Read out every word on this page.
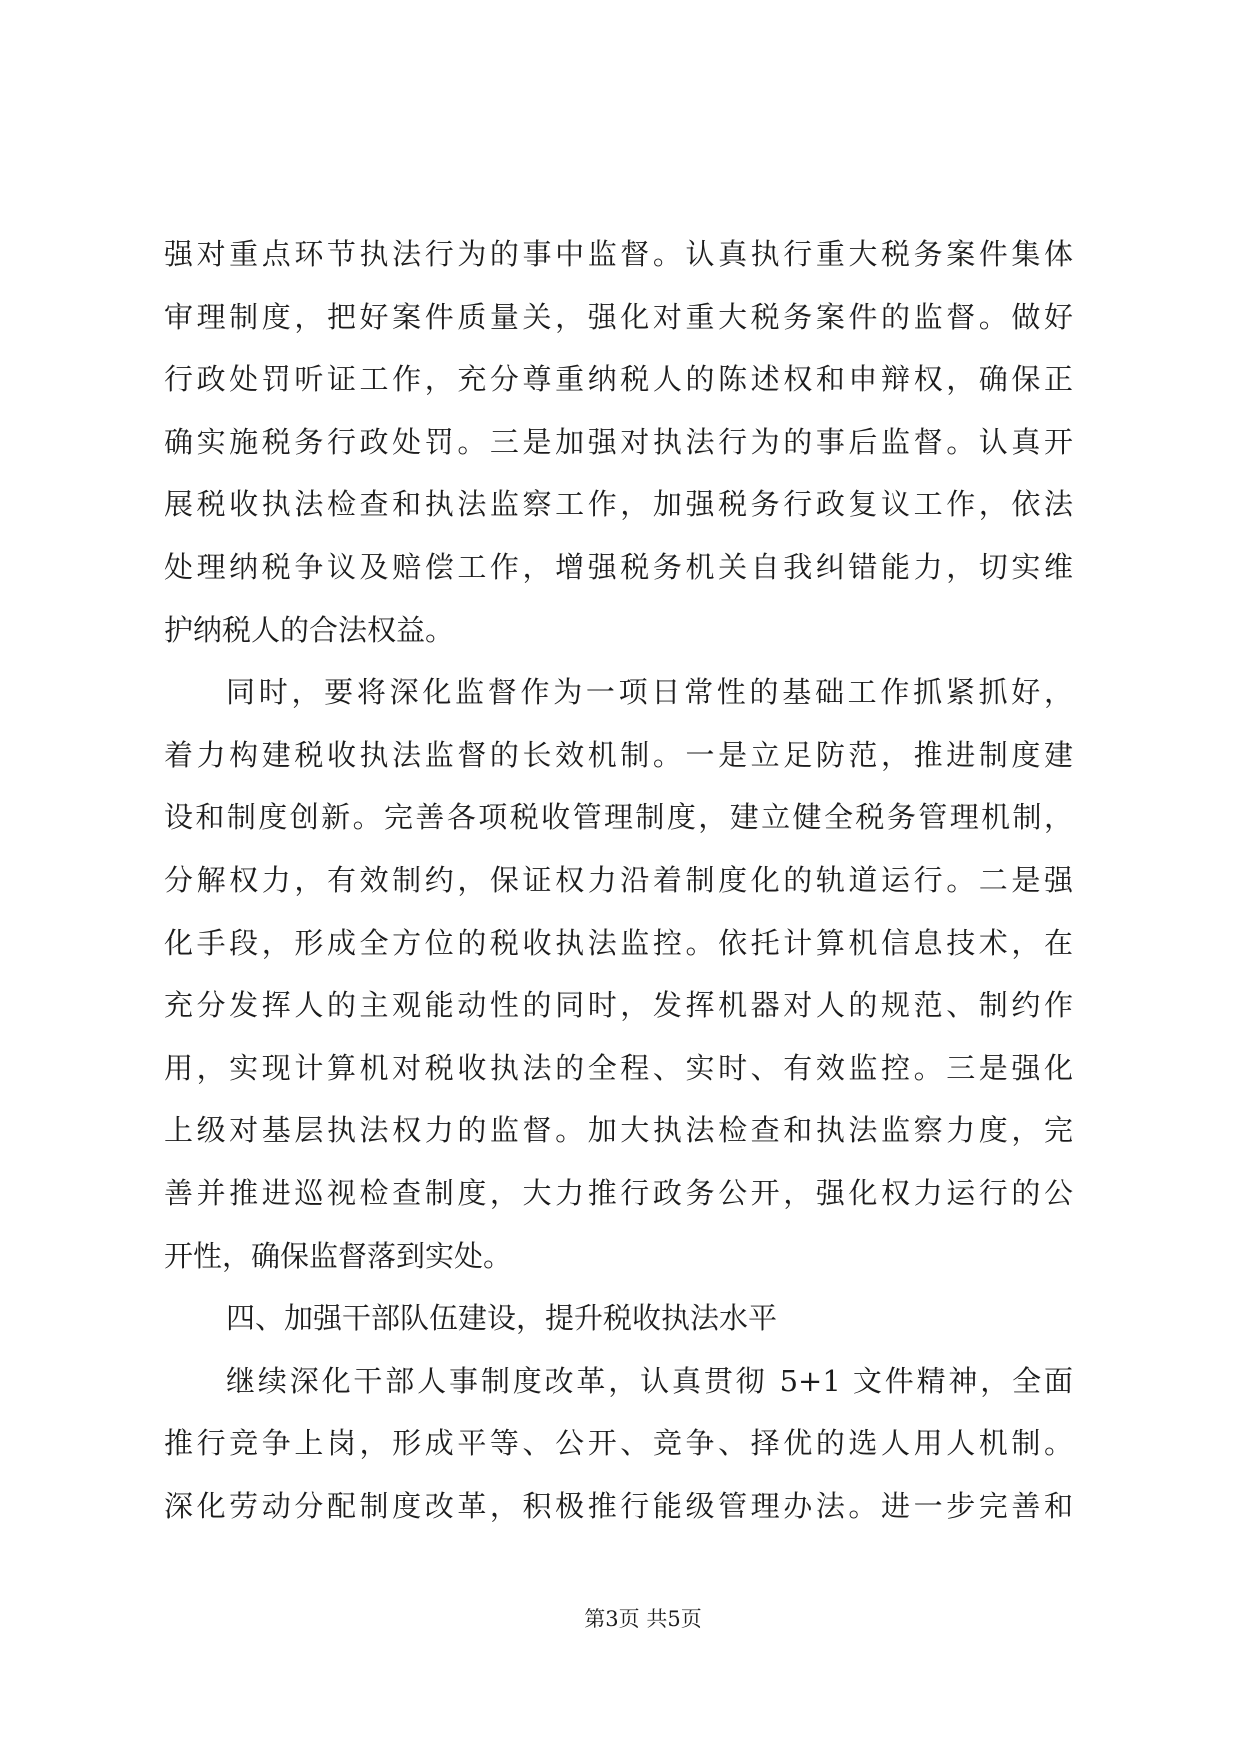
强对重点环节执法行为的事中监督。认真执行重大税务案件集体
审理制度，把好案件质量关，强化对重大税务案件的监督。做好
行政处罚听证工作，充分尊重纳税人的陈述权和申辩权，确保正
确实施税务行政处罚。三是加强对执法行为的事后监督。认真开
展税收执法检查和执法监察工作，加强税务行政复议工作，依法
处理纳税争议及赔偿工作，增强税务机关自我纠错能力，切实维
护纳税人的合法权益。
同时，要将深化监督作为一项日常性的基础工作抓紧抓好，
着力构建税收执法监督的长效机制。一是立足防范，推进制度建
设和制度创新。完善各项税收管理制度，建立健全税务管理机制，
分解权力，有效制约，保证权力沿着制度化的轨道运行。二是强
化手段，形成全方位的税收执法监控。依托计算机信息技术，在
充分发挥人的主观能动性的同时，发挥机器对人的规范、制约作
用，实现计算机对税收执法的全程、实时、有效监控。三是强化
上级对基层执法权力的监督。加大执法检查和执法监察力度，完
善并推进巡视检查制度，大力推行政务公开，强化权力运行的公
开性，确保监督落到实处。
四、加强干部队伍建设，提升税收执法水平
继续深化干部人事制度改革，认真贯彻 5+1 文件精神，全面
推行竞争上岗，形成平等、公开、竞争、择优的选人用人机制。
深化劳动分配制度改革，积极推行能级管理办法。进一步完善和
第3页 共5页
